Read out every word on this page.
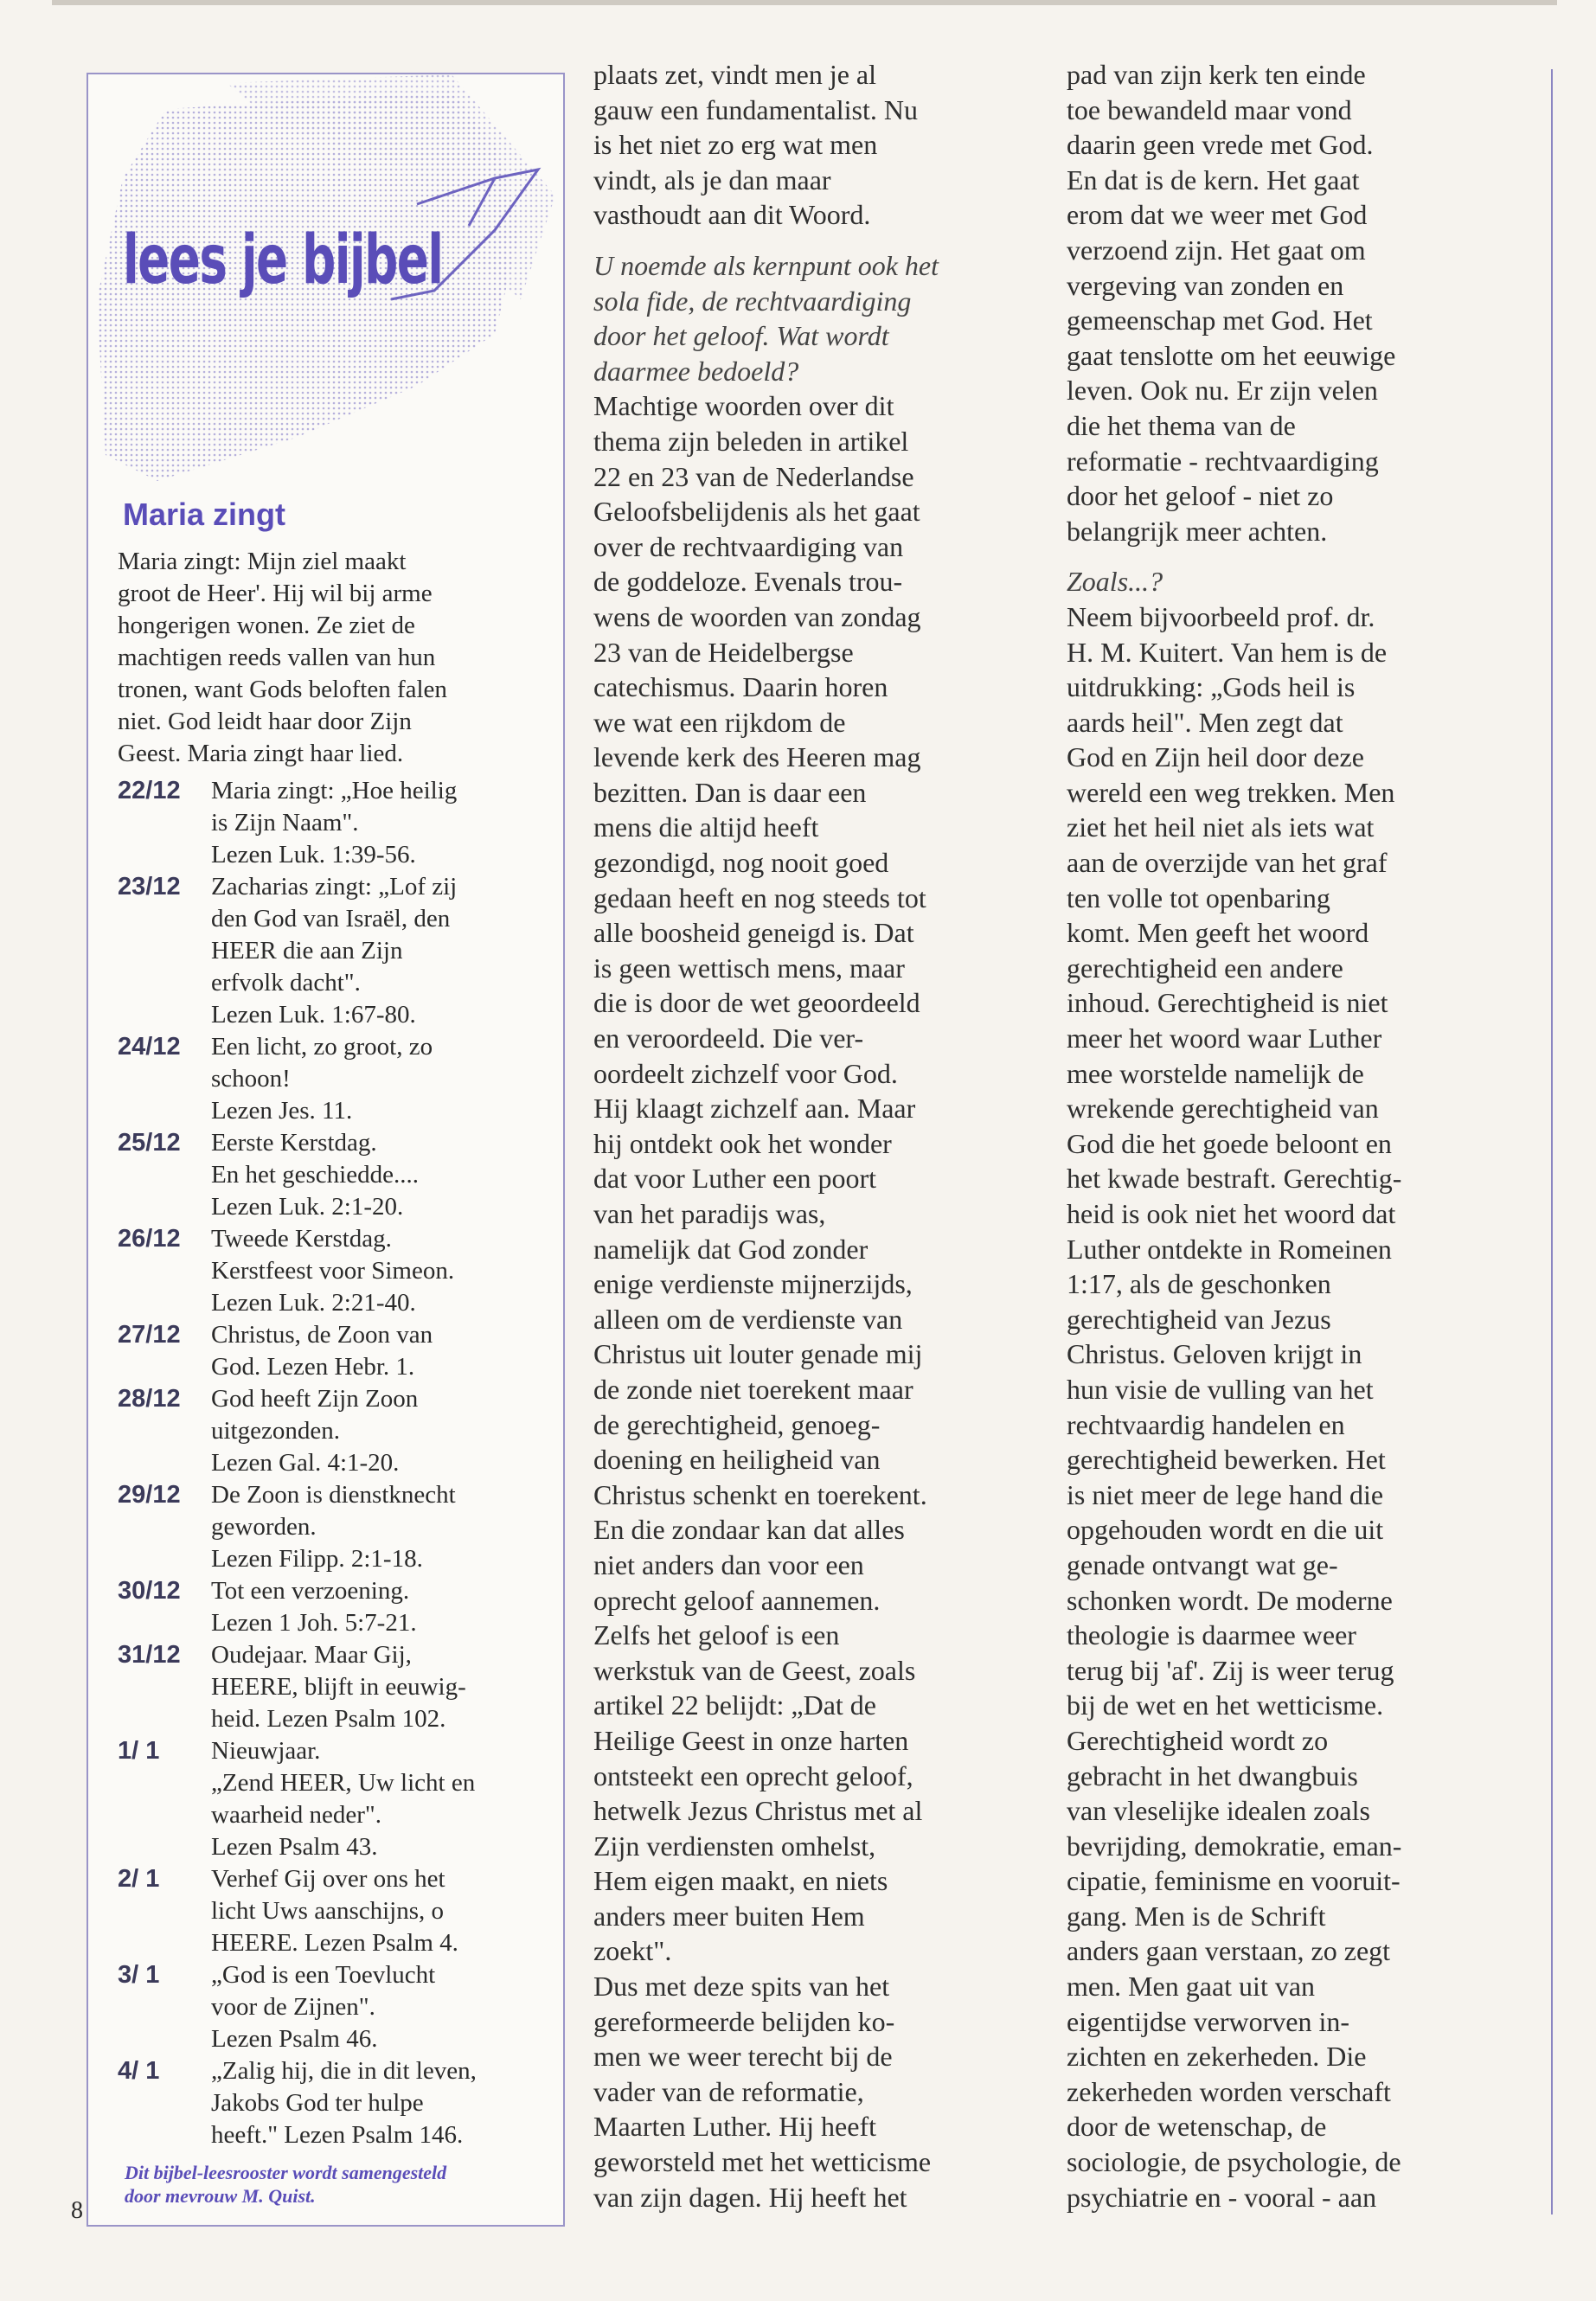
lees je bijbel
Maria zingt
Maria zingt: Mijn ziel maakt
groot de Heer'. Hij wil bij arme
hongerigen wonen. Ze ziet de
machtigen reeds vallen van hun
tronen, want Gods beloften falen
niet. God leidt haar door Zijn
Geest. Maria zingt haar lied.
22/12	Maria zingt: „Hoe heilig
is Zijn Naam".
Lezen Luk. 1:39-56.
23/12	Zacharias zingt: „Lof zij
den God van Israël, den
HEER die aan Zijn
erfvolk dacht".
Lezen Luk. 1:67-80.
24/12	Een licht, zo groot, zo
schoon!
Lezen Jes. 11.
25/12	Eerste Kerstdag.
En het geschiedde....
Lezen Luk. 2:1-20.
26/12	Tweede Kerstdag.
Kerstfeest voor Simeon.
Lezen Luk. 2:21-40.
27/12	Christus, de Zoon van
God. Lezen Hebr. 1.
28/12	God heeft Zijn Zoon
uitgezonden.
Lezen Gal. 4:1-20.
29/12	De Zoon is dienstknecht
geworden.
Lezen Filipp. 2:1-18.
30/12	Tot een verzoening.
Lezen 1 Joh. 5:7-21.
31/12	Oudejaar. Maar Gij,
HEERE, blijft in eeuwig-
heid. Lezen Psalm 102.
1/ 1	Nieuwjaar.
„Zend HEER, Uw licht en
waarheid neder".
Lezen Psalm 43.
2/ 1	Verhef Gij over ons het
licht Uws aanschijns, o
HEERE. Lezen Psalm 4.
3/ 1	„God is een Toevlucht
voor de Zijnen".
Lezen Psalm 46.
4/ 1	„Zalig hij, die in dit leven,
Jakobs God ter hulpe
heeft." Lezen Psalm 146.
Dit bijbel-leesrooster wordt samengesteld
door mevrouw M. Quist.
8

plaats zet, vindt men je al
gauw een fundamentalist. Nu
is het niet zo erg wat men
vindt, als je dan maar
vasthoudt aan dit Woord.

U noemde als kernpunt ook het
sola fide, de rechtvaardiging
door het geloof. Wat wordt
daarmee bedoeld?

Machtige woorden over dit
thema zijn beleden in artikel
22 en 23 van de Nederlandse
Geloofsbelijdenis als het gaat
over de rechtvaardiging van
de goddeloze. Evenals trou-
wens de woorden van zondag
23 van de Heidelbergse
catechismus. Daarin horen
we wat een rijkdom de
levende kerk des Heeren mag
bezitten. Dan is daar een
mens die altijd heeft
gezondigd, nog nooit goed
gedaan heeft en nog steeds tot
alle boosheid geneigd is. Dat
is geen wettisch mens, maar
die is door de wet geoordeeld
en veroordeeld. Die ver-
oordeelt zichzelf voor God.
Hij klaagt zichzelf aan. Maar
hij ontdekt ook het wonder
dat voor Luther een poort
van het paradijs was,
namelijk dat God zonder
enige verdienste mijnerzijds,
alleen om de verdienste van
Christus uit louter genade mij
de zonde niet toerekent maar
de gerechtigheid, genoeg-
doening en heiligheid van
Christus schenkt en toerekent.
En die zondaar kan dat alles
niet anders dan voor een
oprecht geloof aannemen.
Zelfs het geloof is een
werkstuk van de Geest, zoals
artikel 22 belijdt: „Dat de
Heilige Geest in onze harten
ontsteekt een oprecht geloof,
hetwelk Jezus Christus met al
Zijn verdiensten omhelst,
Hem eigen maakt, en niets
anders meer buiten Hem
zoekt".
Dus met deze spits van het
gereformeerde belijden ko-
men we weer terecht bij de
vader van de reformatie,
Maarten Luther. Hij heeft
geworsteld met het wetticisme
van zijn dagen. Hij heeft het

pad van zijn kerk ten einde
toe bewandeld maar vond
daarin geen vrede met God.
En dat is de kern. Het gaat
erom dat we weer met God
verzoend zijn. Het gaat om
vergeving van zonden en
gemeenschap met God. Het
gaat tenslotte om het eeuwige
leven. Ook nu. Er zijn velen
die het thema van de
reformatie - rechtvaardiging
door het geloof - niet zo
belangrijk meer achten.

Zoals...?

Neem bijvoorbeeld prof. dr.
H. M. Kuitert. Van hem is de
uitdrukking: „Gods heil is
aards heil". Men zegt dat
God en Zijn heil door deze
wereld een weg trekken. Men
ziet het heil niet als iets wat
aan de overzijde van het graf
ten volle tot openbaring
komt. Men geeft het woord
gerechtigheid een andere
inhoud. Gerechtigheid is niet
meer het woord waar Luther
mee worstelde namelijk de
wrekende gerechtigheid van
God die het goede beloont en
het kwade bestraft. Gerechtig-
heid is ook niet het woord dat
Luther ontdekte in Romeinen
1:17, als de geschonken
gerechtigheid van Jezus
Christus. Geloven krijgt in
hun visie de vulling van het
rechtvaardig handelen en
gerechtigheid bewerken. Het
is niet meer de lege hand die
opgehouden wordt en die uit
genade ontvangt wat ge-
schonken wordt. De moderne
theologie is daarmee weer
terug bij 'af'. Zij is weer terug
bij de wet en het wetticisme.
Gerechtigheid wordt zo
gebracht in het dwangbuis
van vleselijke idealen zoals
bevrijding, demokratie, eman-
cipatie, feminisme en vooruit-
gang. Men is de Schrift
anders gaan verstaan, zo zegt
men. Men gaat uit van
eigentijdse verworven in-
zichten en zekerheden. Die
zekerheden worden verschaft
door de wetenschap, de
sociologie, de psychologie, de
psychiatrie en - vooral - aan
